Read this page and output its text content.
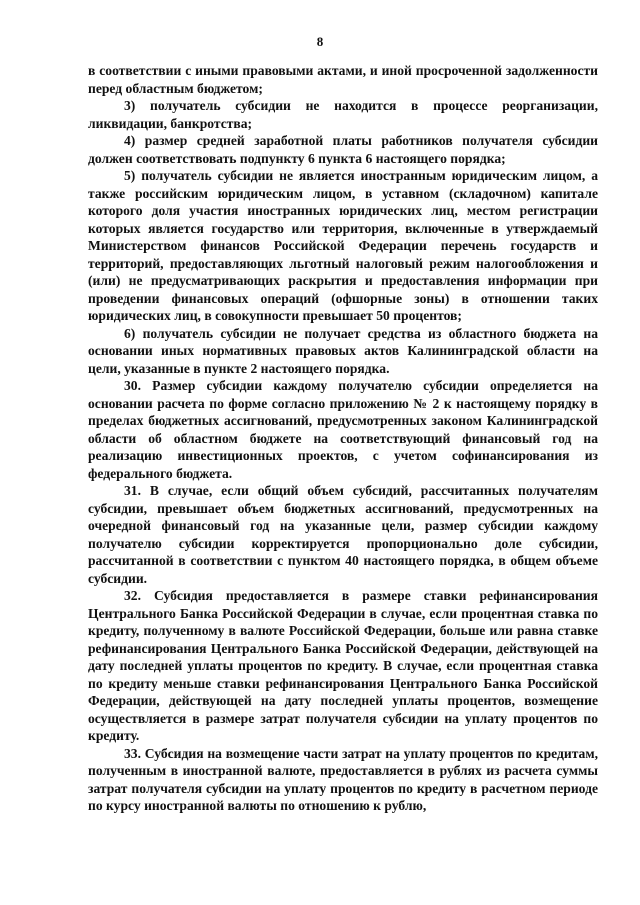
8

в соответствии с иными правовыми актами, и иной просроченной задолженности перед областным бюджетом;

3) получатель субсидии не находится в процессе реорганизации, ликвидации, банкротства;

4) размер средней заработной платы работников получателя субсидии должен соответствовать подпункту 6 пункта 6 настоящего порядка;

5) получатель субсидии не является иностранным юридическим лицом, а также российским юридическим лицом, в уставном (складочном) капитале которого доля участия иностранных юридических лиц, местом регистрации которых является государство или территория, включенные в утверждаемый Министерством финансов Российской Федерации перечень государств и территорий, предоставляющих льготный налоговый режим налогообложения и (или) не предусматривающих раскрытия и предоставления информации при проведении финансовых операций (офшорные зоны) в отношении таких юридических лиц, в совокупности превышает 50 процентов;

6) получатель субсидии не получает средства из областного бюджета на основании иных нормативных правовых актов Калининградской области на цели, указанные в пункте 2 настоящего порядка.

30. Размер субсидии каждому получателю субсидии определяется на основании расчета по форме согласно приложению № 2 к настоящему порядку в пределах бюджетных ассигнований, предусмотренных законом Калининградской области об областном бюджете на соответствующий финансовый год на реализацию инвестиционных проектов, с учетом софинансирования из федерального бюджета.

31. В случае, если общий объем субсидий, рассчитанных получателям субсидии, превышает объем бюджетных ассигнований, предусмотренных на очередной финансовый год на указанные цели, размер субсидии каждому получателю субсидии корректируется пропорционально доле субсидии, рассчитанной в соответствии с пунктом 40 настоящего порядка, в общем объеме субсидии.

32. Субсидия предоставляется в размере ставки рефинансирования Центрального Банка Российской Федерации в случае, если процентная ставка по кредиту, полученному в валюте Российской Федерации, больше или равна ставке рефинансирования Центрального Банка Российской Федерации, действующей на дату последней уплаты процентов по кредиту. В случае, если процентная ставка по кредиту меньше ставки рефинансирования Центрального Банка Российской Федерации, действующей на дату последней уплаты процентов, возмещение осуществляется в размере затрат получателя субсидии на уплату процентов по кредиту.

33. Субсидия на возмещение части затрат на уплату процентов по кредитам, полученным в иностранной валюте, предоставляется в рублях из расчета суммы затрат получателя субсидии на уплату процентов по кредиту в расчетном периоде по курсу иностранной валюты по отношению к рублю,
